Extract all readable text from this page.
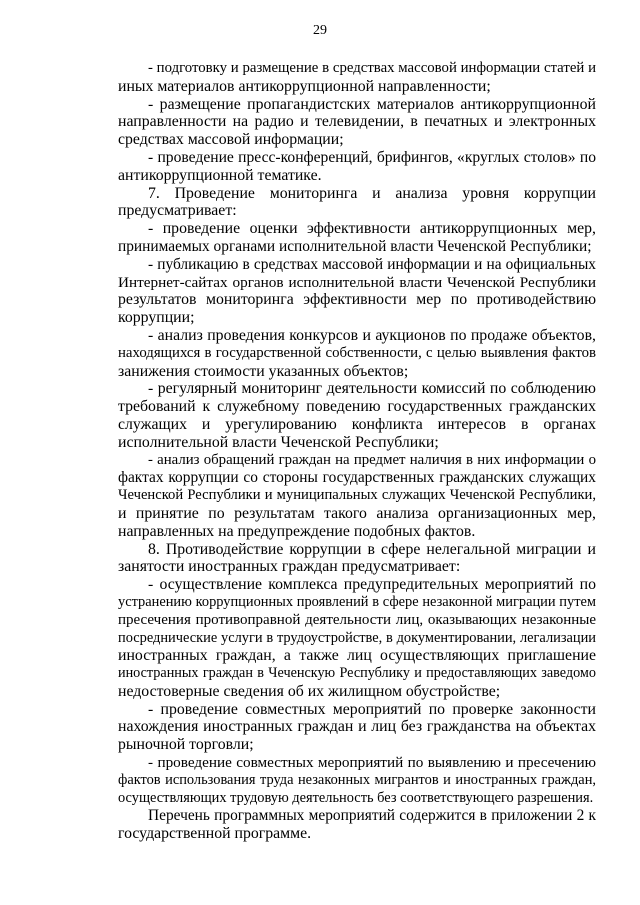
29
- подготовку и размещение в средствах массовой информации статей и
иных материалов антикоррупционной направленности;
- размещение пропагандистских материалов антикоррупционной
направленности на радио и телевидении, в печатных и электронных
средствах массовой информации;
- проведение пресс-конференций, брифингов, «круглых столов» по
антикоррупционной тематике.
7. Проведение мониторинга и анализа уровня коррупции
предусматривает:
- проведение оценки эффективности антикоррупционных мер,
принимаемых органами исполнительной власти Чеченской Республики;
- публикацию в средствах массовой информации и на официальных
Интернет-сайтах органов исполнительной власти Чеченской Республики
результатов мониторинга эффективности мер по противодействию
коррупции;
- анализ проведения конкурсов и аукционов по продаже объектов,
находящихся в государственной собственности, с целью выявления фактов
занижения стоимости указанных объектов;
- регулярный мониторинг деятельности комиссий по соблюдению
требований к служебному поведению государственных гражданских
служащих и урегулированию конфликта интересов в органах
исполнительной власти Чеченской Республики;
- анализ обращений граждан на предмет наличия в них информации о
фактах коррупции со стороны государственных гражданских служащих
Чеченской Республики и муниципальных служащих Чеченской Республики,
и принятие по результатам такого анализа организационных мер,
направленных на предупреждение подобных фактов.
8. Противодействие коррупции в сфере нелегальной миграции и
занятости иностранных граждан предусматривает:
- осуществление комплекса предупредительных мероприятий по
устранению коррупционных проявлений в сфере незаконной миграции путем
пресечения противоправной деятельности лиц, оказывающих незаконные
посреднические услуги в трудоустройстве, в документировании, легализации
иностранных граждан, а также лиц осуществляющих приглашение
иностранных граждан в Чеченскую Республику и предоставляющих заведомо
недостоверные сведения об их жилищном обустройстве;
- проведение совместных мероприятий по проверке законности
нахождения иностранных граждан и лиц без гражданства на объектах
рыночной торговли;
- проведение совместных мероприятий по выявлению и пресечению
фактов использования труда незаконных мигрантов и иностранных граждан,
осуществляющих трудовую деятельность без соответствующего разрешения.
Перечень программных мероприятий содержится в приложении 2 к
государственной программе.
